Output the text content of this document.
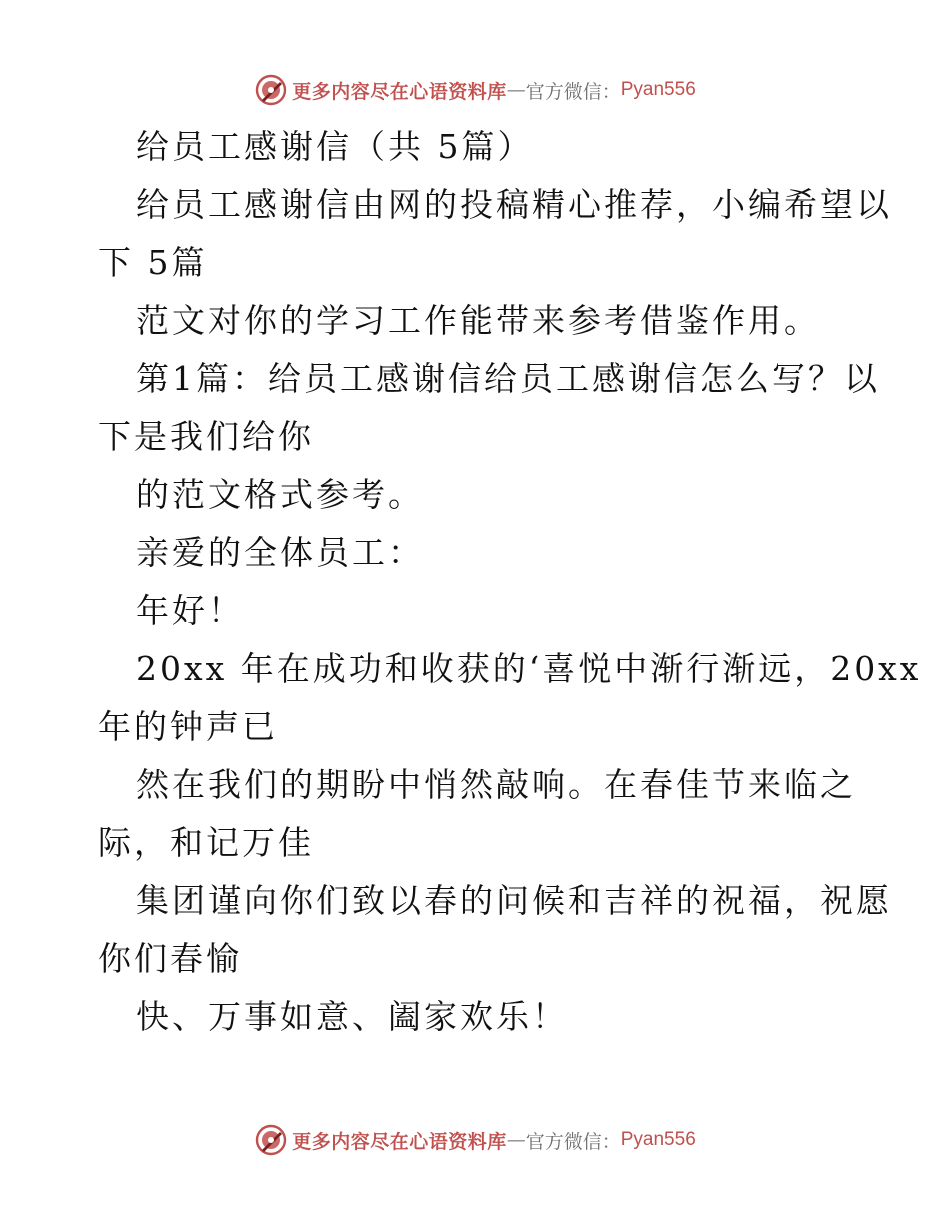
更多内容尽在心语资料库 — 官方微信： Pyan556
给员工感谢信（共 5篇）
给员工感谢信由网的投稿精心推荐，小编希望以
下 5篇
范文对你的学习工作能带来参考借鉴作用。
第1篇：给员工感谢信给员工感谢信怎么写？以
下是我们给你
的范文格式参考。
亲爱的全体员工：
年好！
20xx 年在成功和收获的‘喜悦中渐行渐远，20xx
年的钟声已
然在我们的期盼中悄然敲响。在春佳节来临之
际，和记万佳
集团谨向你们致以春的问候和吉祥的祝福，祝愿
你们春愉
快、万事如意、阖家欢乐！
更多内容尽在心语资料库 — 官方微信： Pyan556
